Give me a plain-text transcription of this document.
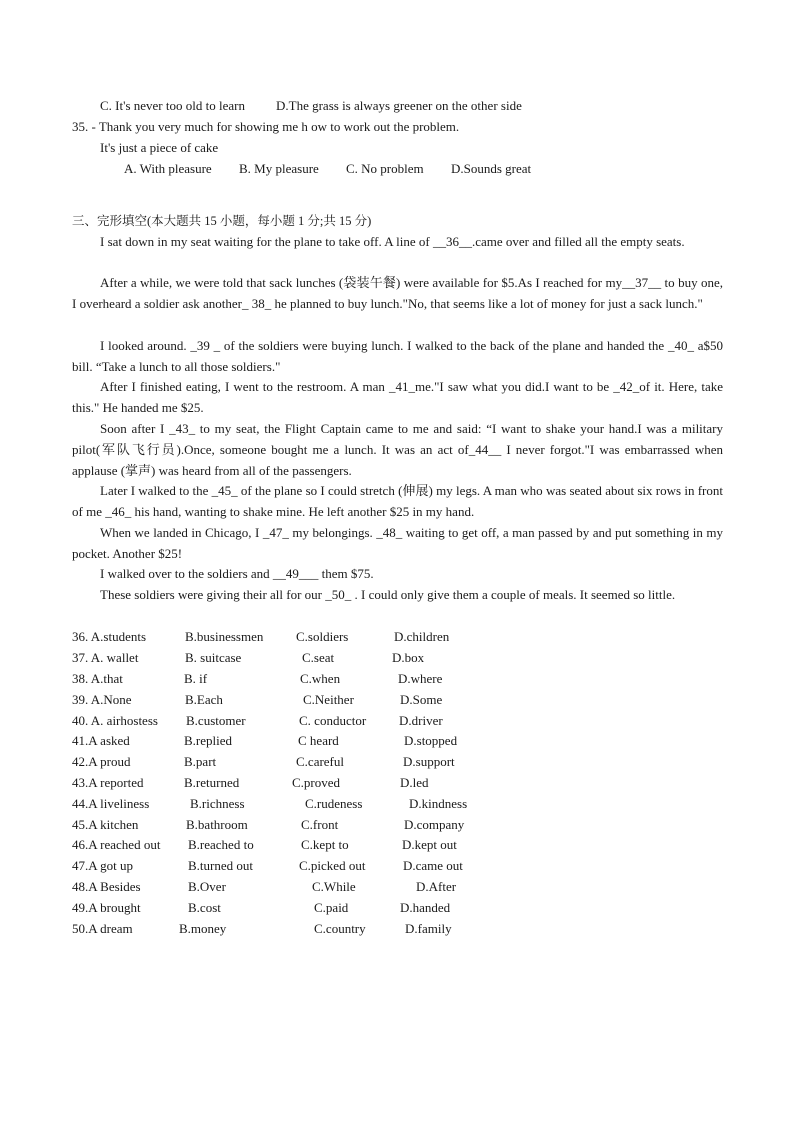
C. It's never too old to learn D.The grass is always greener on the other side
35. - Thank you very much for showing me h ow to work out the problem.
It's just a piece of cake
A. With pleasure B. My pleasure C. No problem D.Sounds great
三、完形填空(本大题共 15 小题，每小题 1 分;共 15 分)

I sat down in my seat waiting for the plane to take off. A line of __36__.came over and filled all the empty seats.

After a while, we were told that sack lunches (袋装午餐) were available for $5.As I reached for my__37__ to buy one, I overheard a soldier ask another_ 38_ he planned to buy lunch."No, that seems like a lot of money for just a sack lunch."

I looked around. _39 _ of the soldiers were buying lunch. I walked to the back of the plane and handed the _40_ a$50 bill. “Take a lunch to all those soldiers."

After I finished eating, I went to the restroom. A man _41_me."I saw what you did.I want to be _42_of it. Here, take this." He handed me $25.

Soon after I _43_ to my seat, the Flight Captain came to me and said: “I want to shake your hand.I was a military pilot(军队飞行员).Once, someone bought me a lunch. It was an act of_44__ I never forgot."I was embarrassed when applause (掌声) was heard from all of the passengers.

Later I walked to the _45_ of the plane so I could stretch (伸展) my legs. A man who was seated about six rows in front of me _46_ his hand, wanting to shake mine. He left another $25 in my hand.

When we landed in Chicago, I _47_ my belongings. _48_ waiting to get off, a man passed by and put something in my pocket. Another $25!

I walked over to the soldiers and __49___ them $75.

These soldiers were giving their all for our _50_ . I could only give them a couple of meals. It seemed so little.

36. A.students	B.businessmen	C.soldiers	D.children
37. A. wallet	B. suitcase	C.seat	D.box
38. A.that	B. if	C.when	D.where
39. A.None	B.Each	C.Neither	D.Some
40. A. airhostess B.customer	C. conductor	D.driver
41.A asked	B.replied	C heard	D.stopped
42.A proud	B.part	C.careful	D.support
43.A reported	B.returned	C.proved	D.led
44.A liveliness	B.richness	C.rudeness	D.kindness
45.A kitchen	B.bathroom	C.front	D.company
46.A reached out B.reached to	C.kept to	D.kept out
47.A got up	B.turned out	C.picked out	D.came out
48.A Besides	B.Over	C.While	D.After
49.A brought	B.cost	C.paid	D.handed
50.A dream	B.money	C.country	D.family
